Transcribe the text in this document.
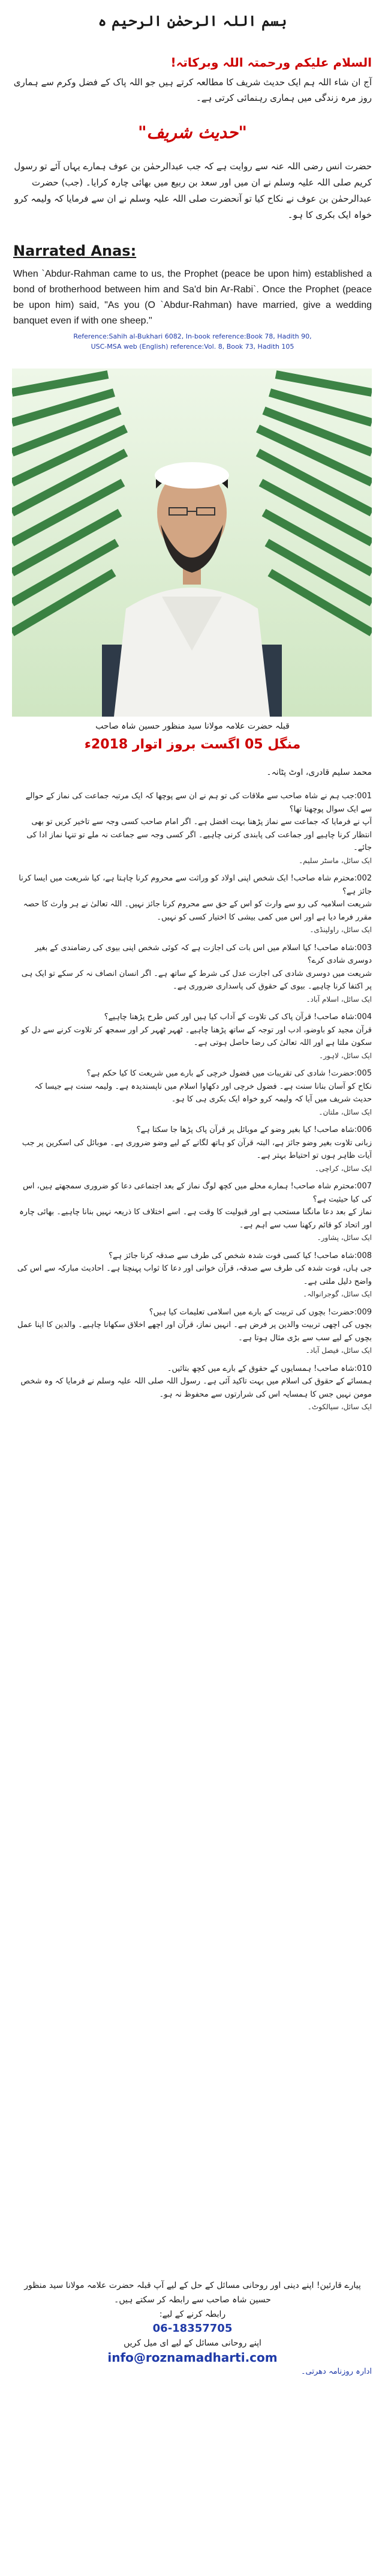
بسم اللہ الرحمٰن الرحیم ہ
السلام علیکم ورحمتہ اللہ وبرکاتہ!

آج ان شاء اللہ ہم ایک حدیث شریف کا مطالعہ کرتے ہیں جو اللہ پاک کے فضل وکرم سے ہماری روز مرہ زندگی میں ہماری رہنمائی کرتی ہے۔

"حدیث شریف"

حضرت انس رضی اللہ عنہ سے روایت ہے کہ جب عبدالرحمٰن بن عوف ہمارے یہاں آئے تو رسول کریم صلی اللہ علیہ وسلم نے ان میں اور سعد بن ربیع میں بھائی چارہ کرایا۔ (جب) حضرت عبدالرحمٰن بن عوف نے نکاح کیا تو آنحضرت صلی اللہ علیہ وسلم نے ان سے فرمایا کہ ولیمہ کرو خواہ ایک بکری کا ہو۔

Narrated Anas:

When `Abdur-Rahman came to us, the Prophet (peace be upon him) established a bond of brotherhood between him and Sa'd bin Ar-Rabi`. Once the Prophet (peace be upon him) said, "As you (O `Abdur-Rahman) have married, give a wedding banquet even if with one sheep."

Reference:Sahih al-Bukhari 6082, In-book reference:Book 78, Hadith 90,
USC-MSA web (English) reference:Vol. 8, Book 73, Hadith 105
قبلہ حضرت علامہ مولانا سید منظور حسین شاہ صاحب
منگل 05 اگست بروز اتوار 2018ء
محمد سلیم قادری، اوٹ پٹانہ۔
001:جب ہم نے شاہ صاحب سے ملاقات کی تو ہم نے ان سے پوچھا کہ ایک مرتبہ جماعت کی نماز کے حوالے سے ایک سوال پوچھنا تھا؟
آپ نے فرمایا کہ جماعت سے نماز پڑھنا بہت افضل ہے۔ اگر امام صاحب کسی وجہ سے تاخیر کریں تو بھی انتظار کرنا چاہیے اور جماعت کی پابندی کرنی چاہیے۔ اگر کسی وجہ سے جماعت نہ ملے تو تنہا نماز ادا کی جائے۔
ایک سائل، ماسٹر سلیم۔
002:محترم شاہ صاحب! ایک شخص اپنی اولاد کو وراثت سے محروم کرنا چاہتا ہے، کیا شریعت میں ایسا کرنا جائز ہے؟
شریعت اسلامیہ کی رو سے وارث کو اس کے حق سے محروم کرنا جائز نہیں۔ اللہ تعالیٰ نے ہر وارث کا حصہ مقرر فرما دیا ہے اور اس میں کمی بیشی کا اختیار کسی کو نہیں۔
ایک سائل، راولپنڈی۔
003:شاہ صاحب! کیا اسلام میں اس بات کی اجازت ہے کہ کوئی شخص اپنی بیوی کی رضامندی کے بغیر دوسری شادی کرے؟
شریعت میں دوسری شادی کی اجازت عدل کی شرط کے ساتھ ہے۔ اگر انسان انصاف نہ کر سکے تو ایک ہی پر اکتفا کرنا چاہیے۔ بیوی کے حقوق کی پاسداری ضروری ہے۔
ایک سائل، اسلام آباد۔
004:شاہ صاحب! قرآن پاک کی تلاوت کے آداب کیا ہیں اور کس طرح پڑھنا چاہیے؟
قرآن مجید کو باوضو، ادب اور توجہ کے ساتھ پڑھنا چاہیے۔ ٹھہر ٹھہر کر اور سمجھ کر تلاوت کرنے سے دل کو سکون ملتا ہے اور اللہ تعالیٰ کی رضا حاصل ہوتی ہے۔
ایک سائل، لاہور۔
005:حضرت! شادی کی تقریبات میں فضول خرچی کے بارے میں شریعت کا کیا حکم ہے؟
نکاح کو آسان بنانا سنت ہے۔ فضول خرچی اور دکھاوا اسلام میں ناپسندیدہ ہے۔ ولیمہ سنت ہے جیسا کہ حدیث شریف میں آیا کہ ولیمہ کرو خواہ ایک بکری ہی کا ہو۔
ایک سائل، ملتان۔
006:شاہ صاحب! کیا بغیر وضو کے موبائل پر قرآن پاک پڑھا جا سکتا ہے؟
زبانی تلاوت بغیر وضو جائز ہے، البتہ قرآن کو ہاتھ لگانے کے لیے وضو ضروری ہے۔ موبائل کی اسکرین پر جب آیات ظاہر ہوں تو احتیاط بہتر ہے۔
ایک سائل، کراچی۔
007:محترم شاہ صاحب! ہمارے محلے میں کچھ لوگ نماز کے بعد اجتماعی دعا کو ضروری سمجھتے ہیں، اس کی کیا حیثیت ہے؟
نماز کے بعد دعا مانگنا مستحب ہے اور قبولیت کا وقت ہے۔ اسے اختلاف کا ذریعہ نہیں بنانا چاہیے۔ بھائی چارہ اور اتحاد کو قائم رکھنا سب سے اہم ہے۔
ایک سائل، پشاور۔
008:شاہ صاحب! کیا کسی فوت شدہ شخص کی طرف سے صدقہ کرنا جائز ہے؟
جی ہاں، فوت شدہ کی طرف سے صدقہ، قرآن خوانی اور دعا کا ثواب پہنچتا ہے۔ احادیث مبارکہ سے اس کی واضح دلیل ملتی ہے۔
ایک سائل، گوجرانوالہ۔
009:حضرت! بچوں کی تربیت کے بارے میں اسلامی تعلیمات کیا ہیں؟
بچوں کی اچھی تربیت والدین پر فرض ہے۔ انہیں نماز، قرآن اور اچھے اخلاق سکھانا چاہیے۔ والدین کا اپنا عمل بچوں کے لیے سب سے بڑی مثال ہوتا ہے۔
ایک سائل، فیصل آباد۔
010:شاہ صاحب! ہمسایوں کے حقوق کے بارے میں کچھ بتائیں۔
ہمسائے کے حقوق کی اسلام میں بہت تاکید آئی ہے۔ رسول اللہ صلی اللہ علیہ وسلم نے فرمایا کہ وہ شخص مومن نہیں جس کا ہمسایہ اس کی شرارتوں سے محفوظ نہ ہو۔
ایک سائل، سیالکوٹ۔

پیارے قارئین! اپنے دینی اور روحانی مسائل کے حل کے لیے آپ قبلہ حضرت علامہ مولانا سید منظور حسین شاہ صاحب سے رابطہ کر سکتے ہیں۔

رابطہ کرنے کے لیے:

06-18357705

اپنے روحانی مسائل کے لیے ای میل کریں

info@roznamadharti.com

ادارہ روزنامہ دھرتی۔
